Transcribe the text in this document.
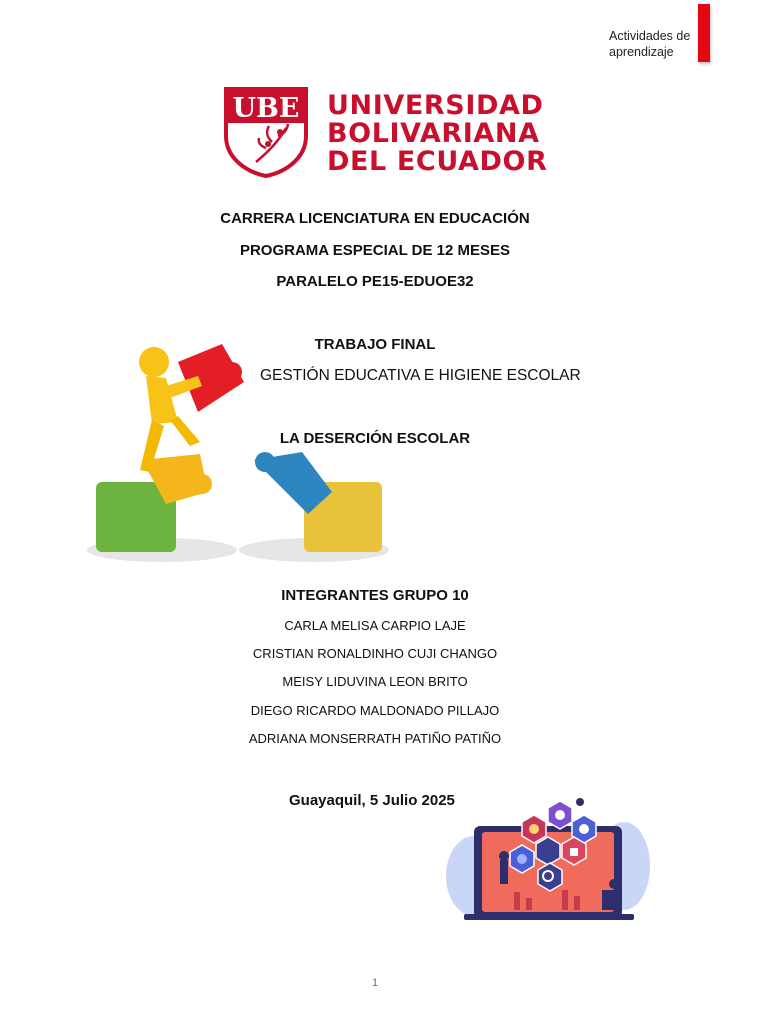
Actividades de
aprendizaje
UBE UNIVERSIDAD
BOLIVARIANA
DEL ECUADOR
CARRERA LICENCIATURA EN EDUCACIÓN
PROGRAMA ESPECIAL DE 12 MESES
PARALELO PE15-EDUOE32
TRABAJO FINAL
GESTIÓN EDUCATIVA E HIGIENE ESCOLAR
LA DESERCIÓN ESCOLAR
INTEGRANTES GRUPO 10
CARLA MELISA CARPIO LAJE
CRISTIAN RONALDINHO CUJI CHANGO
MEISY LIDUVINA LEON BRITO
DIEGO RICARDO MALDONADO PILLAJO
ADRIANA MONSERRATH PATIÑO PATIÑO
Guayaquil, 5 Julio 2025
1
